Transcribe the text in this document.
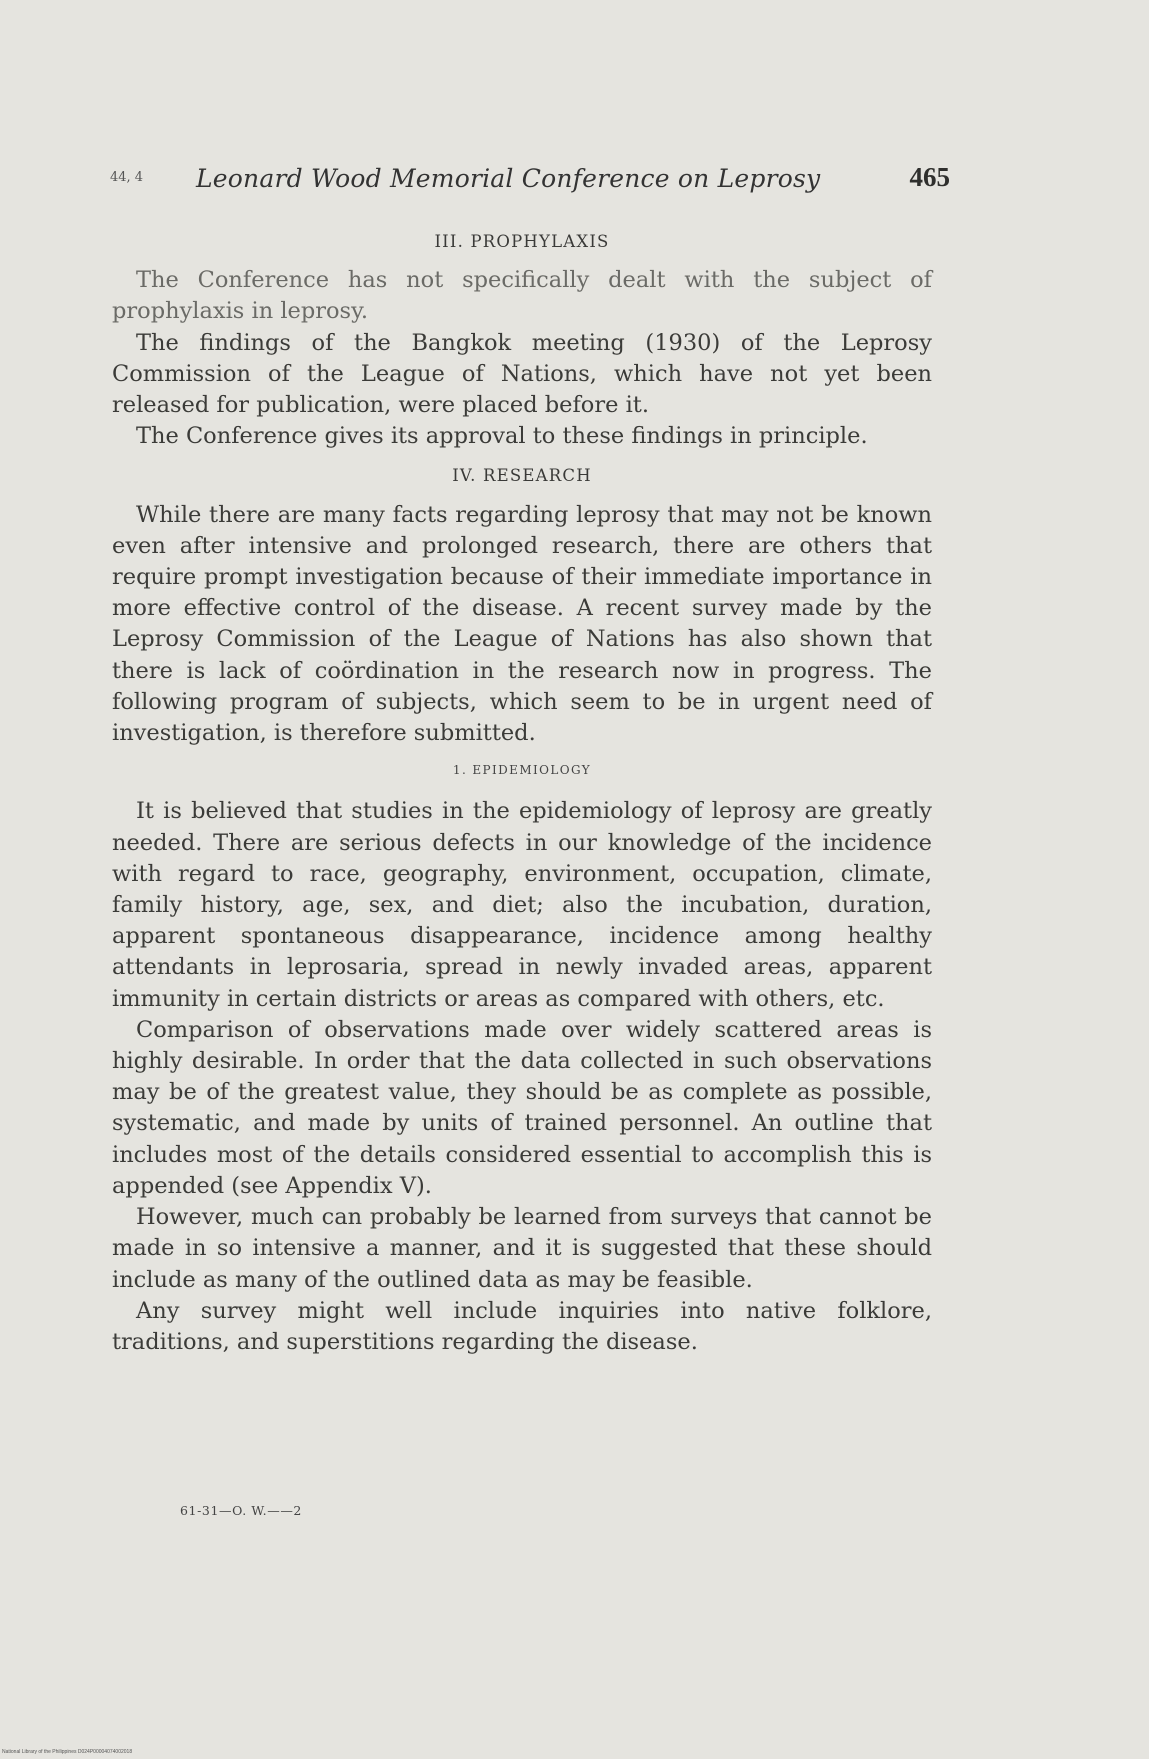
44, 4 Leonard Wood Memorial Conference on Leprosy	465
III. PROPHYLAXIS

The Conference has not specifically dealt with the subject of prophylaxis in leprosy.

The findings of the Bangkok meeting (1930) of the Leprosy Commission of the League of Nations, which have not yet been released for publication, were placed before it.

The Conference gives its approval to these findings in principle.

IV. RESEARCH

While there are many facts regarding leprosy that may not be known even after intensive and prolonged research, there are others that require prompt investigation because of their immediate importance in more effective control of the disease. A recent survey made by the Leprosy Commission of the League of Nations has also shown that there is lack of coördination in the research now in progress. The following program of subjects, which seem to be in urgent need of investigation, is therefore submitted.

1. EPIDEMIOLOGY

It is believed that studies in the epidemiology of leprosy are greatly needed. There are serious defects in our knowledge of the incidence with regard to race, geography, environment, occupation, climate, family history, age, sex, and diet; also the incubation, duration, apparent spontaneous disappearance, incidence among healthy attendants in leprosaria, spread in newly invaded areas, apparent immunity in certain districts or areas as compared with others, etc.

Comparison of observations made over widely scattered areas is highly desirable. In order that the data collected in such observations may be of the greatest value, they should be as complete as possible, systematic, and made by units of trained personnel. An outline that includes most of the details considered essential to accomplish this is appended (see Appendix V).

However, much can probably be learned from surveys that cannot be made in so intensive a manner, and it is suggested that these should include as many of the outlined data as may be feasible.

Any survey might well include inquiries into native folklore, traditions, and superstitions regarding the disease.

61-31—O. W.——2
National Library of the Philippines D024P00004074002018
